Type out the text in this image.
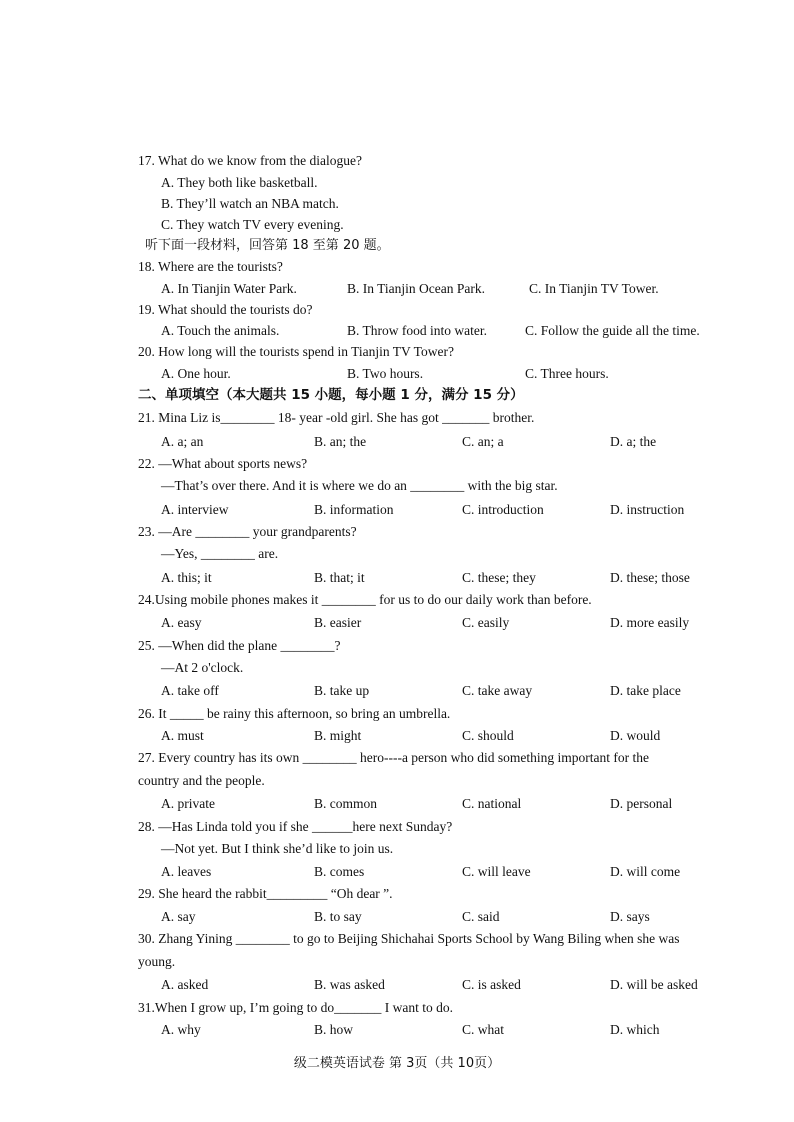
17. What do we know from the dialogue?
A. They both like basketball.
B. They’ll watch an NBA match.
C. They watch TV every evening.
听下面一段材料，回答第 18 至第 20 题。
18. Where are the tourists?
A. In Tianjin Water Park.	B. In Tianjin Ocean Park.	C. In Tianjin TV Tower.
19. What should the tourists do?
A. Touch the animals.	B. Throw food into water.	C. Follow the guide all the time.
20. How long will the tourists spend in Tianjin TV Tower?
A. One hour.	B. Two hours.	C. Three hours.
二、单项填空（本大题共 15 小题，每小题 1 分，满分 15 分）
21. Mina Liz is________ 18- year -old girl. She has got _______ brother.
A. a; an	B. an; the	C. an; a	D. a; the
22. —What about sports news?
—That’s over there. And it is where we do an ________ with the big star.
A. interview	B. information	C. introduction	D. instruction
23. —Are ________ your grandparents?
—Yes, ________ are.
A. this; it	B. that; it	C. these; they	D. these; those
24.Using mobile phones makes it ________ for us to do our daily work than before.
A. easy	B. easier	C. easily	D. more easily
25. —When did the plane ________?
—At 2 o'clock.
A. take off	B. take up	C. take away	D. take place
26. It _____ be rainy this afternoon, so bring an umbrella.
A. must	B. might	C. should	D. would
27. Every country has its own ________ hero----a person who did something important for the
country and the people.
A. private	B. common	C. national	D. personal
28. —Has Linda told you if she ______here next Sunday?
—Not yet. But I think she’d like to join us.
A. leaves	B. comes	C. will leave	D. will come
29. She heard the rabbit_________ “Oh dear ”.
A. say	B. to say	C. said	D. says
30. Zhang Yining ________ to go to Beijing Shichahai Sports School by Wang Biling when she was
young.
A. asked	B. was asked	C. is asked	D. will be asked
31.When I grow up, I’m going to do_______ I want to do.
A. why	B. how	C. what	D. which
级二模英语试卷 第 3页（共 10页）
